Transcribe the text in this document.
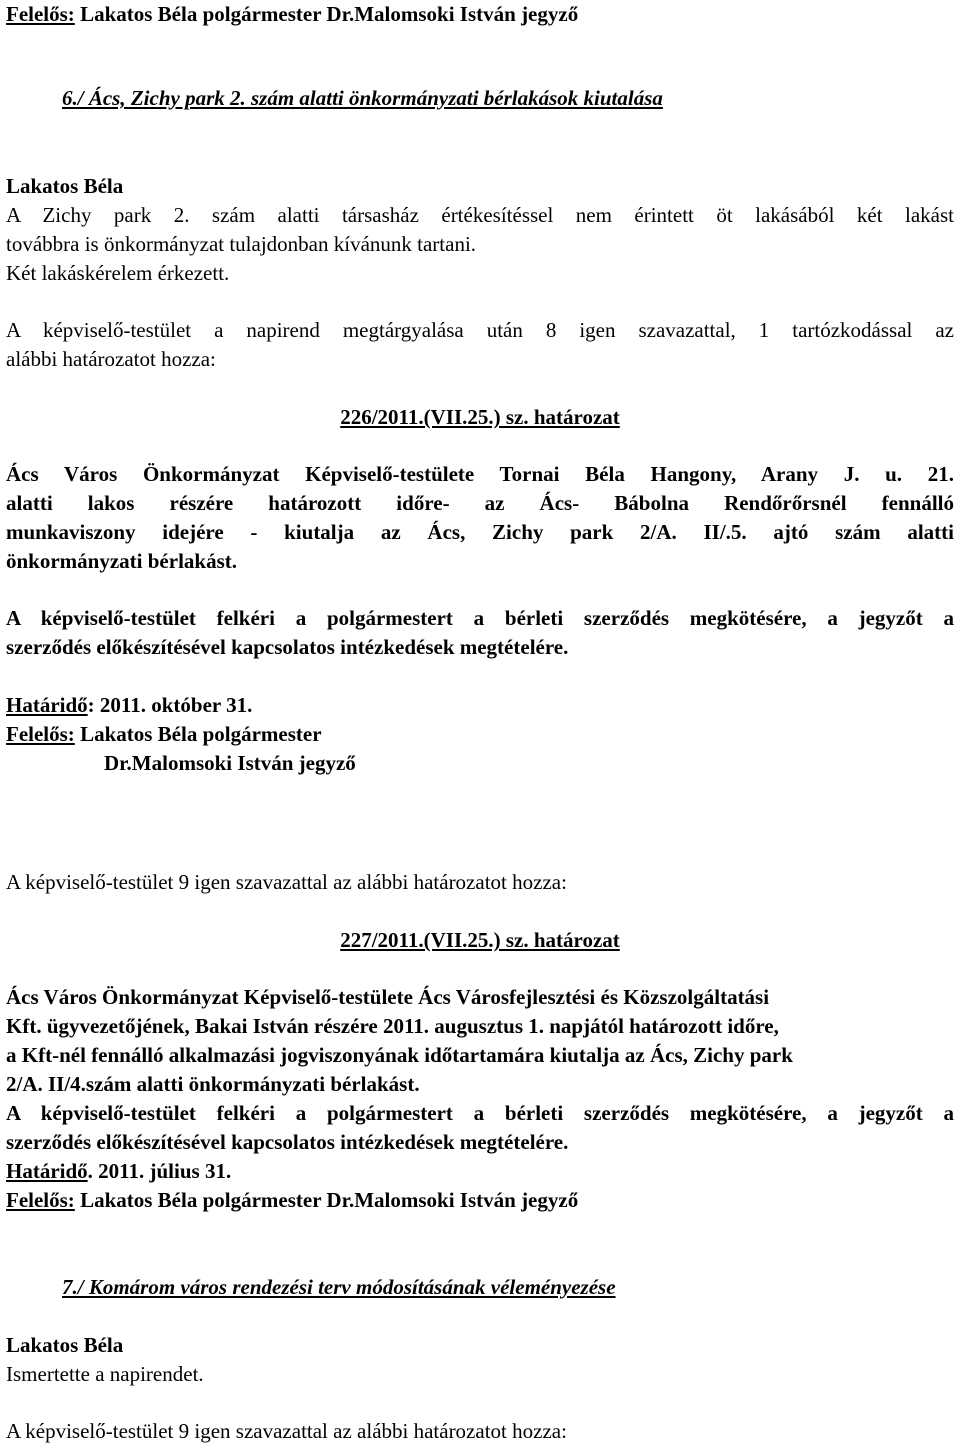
Felelős: Lakatos Béla polgármester Dr.Malomsoki István jegyző
6./ Ács, Zichy park 2. szám alatti önkormányzati bérlakások kiutalása
Lakatos Béla
A Zichy park 2. szám alatti társasház értékesítéssel nem érintett öt lakásából két lakást
továbbra is önkormányzat tulajdonban kívánunk tartani.
Két lakáskérelem érkezett.
A képviselő-testület a napirend megtárgyalása után 8 igen szavazattal, 1 tartózkodással az
alábbi határozatot hozza:
226/2011.(VII.25.) sz. határozat
Ács Város Önkormányzat Képviselő-testülete Tornai Béla Hangony, Arany J. u. 21.
alatti lakos részére határozott időre- az Ács- Bábolna Rendőrőrsnél fennálló
munkaviszony idejére - kiutalja az Ács, Zichy park 2/A. II/.5. ajtó szám alatti
önkormányzati bérlakást.
A képviselő-testület felkéri a polgármestert a bérleti szerződés megkötésére, a jegyzőt a
szerződés előkészítésével kapcsolatos intézkedések megtételére.
Határidő: 2011. október 31.
Felelős: Lakatos Béla polgármester
Dr.Malomsoki István jegyző
A képviselő-testület 9 igen szavazattal az alábbi határozatot hozza:
227/2011.(VII.25.) sz. határozat
Ács Város Önkormányzat Képviselő-testülete Ács Városfejlesztési és Közszolgáltatási
Kft. ügyvezetőjének, Bakai István részére 2011. augusztus 1. napjától határozott időre,
a Kft-nél fennálló alkalmazási jogviszonyának időtartamára kiutalja az Ács, Zichy park
2/A. II/4.szám alatti önkormányzati bérlakást.
A képviselő-testület felkéri a polgármestert a bérleti szerződés megkötésére, a jegyzőt a
szerződés előkészítésével kapcsolatos intézkedések megtételére.
Határidő. 2011. július 31.
Felelős: Lakatos Béla polgármester Dr.Malomsoki István jegyző
7./ Komárom város rendezési terv módosításának véleményezése
Lakatos Béla
Ismertette a napirendet.
A képviselő-testület 9 igen szavazattal az alábbi határozatot hozza:
